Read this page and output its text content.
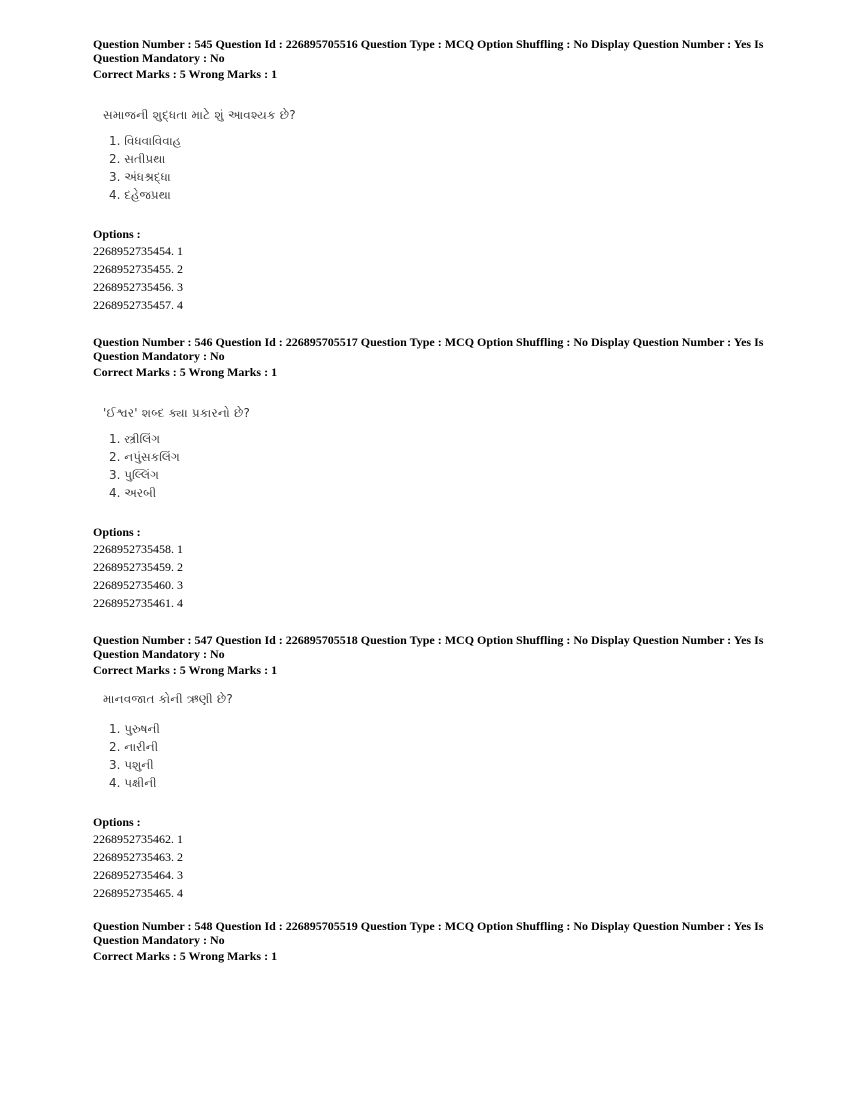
Question Number : 545 Question Id : 226895705516 Question Type : MCQ Option Shuffling : No Display Question Number : Yes Is
Question Mandatory : No
Correct Marks : 5 Wrong Marks : 1
સમાજની શુદ્ધતા માટે શું આવશ્યક છે?
1. વિધવાવિવાહ
2. સતીપ્રથા
3. અંધશ્રદ્ધા
4. દહેજપ્રથા
Options :
2268952735454. 1
2268952735455. 2
2268952735456. 3
2268952735457. 4
Question Number : 546 Question Id : 226895705517 Question Type : MCQ Option Shuffling : No Display Question Number : Yes Is
Question Mandatory : No
Correct Marks : 5 Wrong Marks : 1
'ઈશ્વર' શબ્દ ક્યા પ્રકારનો છે?
1. સ્ત્રીલિંગ
2. નપુંસકલિંગ
3. પુલ્લિંગ
4. અરબી
Options :
2268952735458. 1
2268952735459. 2
2268952735460. 3
2268952735461. 4
Question Number : 547 Question Id : 226895705518 Question Type : MCQ Option Shuffling : No Display Question Number : Yes Is
Question Mandatory : No
Correct Marks : 5 Wrong Marks : 1
માનવજાત કોની ઋણી છે?
1. પુરુષની
2. નારીની
3. પશુની
4. પક્ષીની
Options :
2268952735462. 1
2268952735463. 2
2268952735464. 3
2268952735465. 4
Question Number : 548 Question Id : 226895705519 Question Type : MCQ Option Shuffling : No Display Question Number : Yes Is
Question Mandatory : No
Correct Marks : 5 Wrong Marks : 1
